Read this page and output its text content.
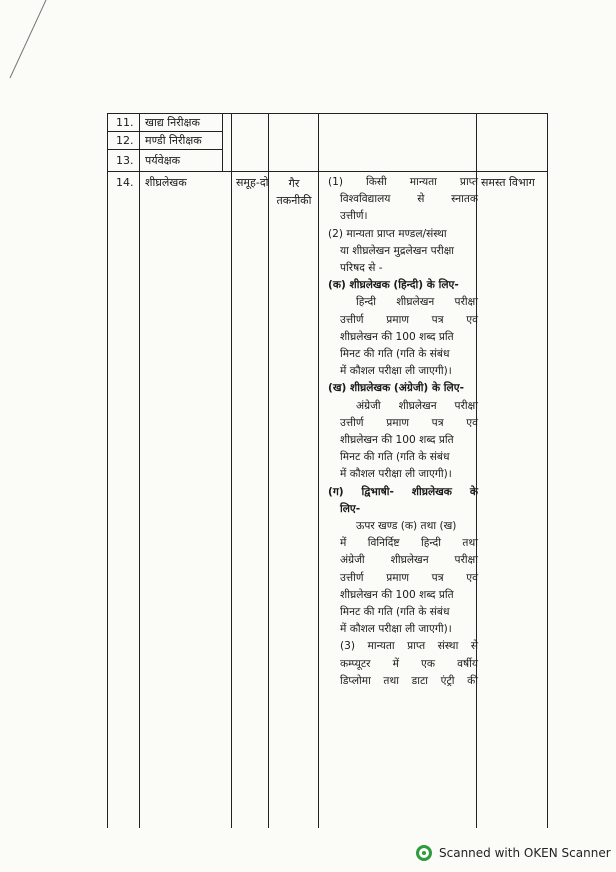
11. खाद्य निरीक्षक
12. मण्डी निरीक्षक
13. पर्यवेक्षक
14. शीघ्रलेखक	समूह-दो	गैर तकनीकी
समस्त विभाग

(1) किसी मान्यता प्राप्त

विश्वविद्यालय से स्नातक

उत्तीर्ण।

(2) मान्यता प्राप्त मण्डल/संस्था

या शीघ्रलेखन मुद्रलेखन परीक्षा

परिषद से -

(क) शीघ्रलेखक (हिन्दी) के लिए-

हिन्दी शीघ्रलेखन परीक्षा

उत्तीर्ण प्रमाण पत्र एवं

शीघ्रलेखन की 100 शब्द प्रति

मिनट की गति (गति के संबंध

में कौशल परीक्षा ली जाएगी)।

(ख) शीघ्रलेखक (अंग्रेजी) के लिए-

अंग्रेजी शीघ्रलेखन परीक्षा

उत्तीर्ण प्रमाण पत्र एवं

शीघ्रलेखन की 100 शब्द प्रति

मिनट की गति (गति के संबंध

में कौशल परीक्षा ली जाएगी)।

(ग) द्विभाषी- शीघ्रलेखक के

लिए-

ऊपर खण्ड (क) तथा (ख)

में विनिर्दिष्ट हिन्दी तथा

अंग्रेजी शीघ्रलेखन परीक्षा

उत्तीर्ण प्रमाण पत्र एवं

शीघ्रलेखन की 100 शब्द प्रति

मिनट की गति (गति के संबंध

में कौशल परीक्षा ली जाएगी)।

(3) मान्यता प्राप्त संस्था से

कम्प्यूटर में एक वर्षीय

डिप्लोमा तथा डाटा एंट्री की

Scanned with OKEN Scanner
